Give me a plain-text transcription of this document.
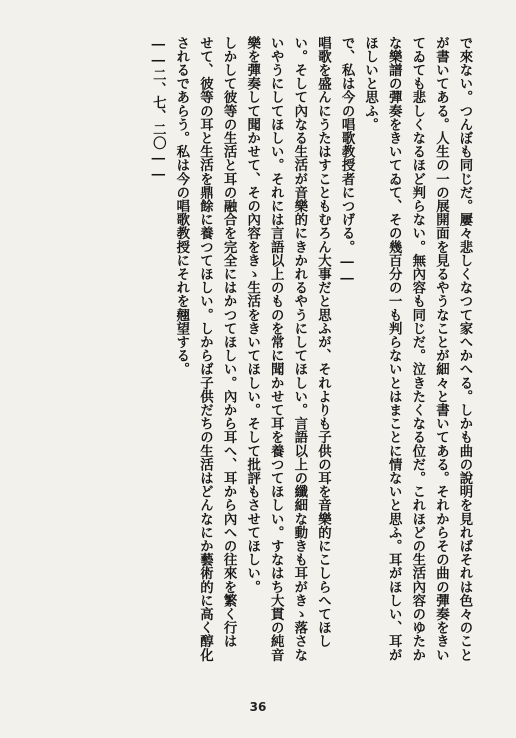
で來ない。つんぼも同じだ。屢々悲しくなつて家へかへる。しかも曲の說明を見ればそれは色々のこと
が書いてある。人生の一の展開面を見るやうなことが細々と書いてある。それからその曲の彈奏をきい
てゐても悲しくなるほど判らない。無內容も同じだ。泣きたくなる位だ。これほどの生活內容のゆたか
な樂譜の彈奏をきいてゐて、その幾百分の一も判らないとはまことに情ないと思ふ。耳がほしい、耳が
ほしいと思ふ。
で、私は今の唱歌教授者につげる。――
唱歌を盛んにうたはすこともむろん大事だと思ふが、それよりも子供の耳を音樂的にこしらへてほし
い。そして內なる生活が音樂的にきかれるやうにしてほしい。言語以上の纖細な動きも耳がきゝ落さな
いやうにしてほしい。それには言語以上のものを常に聞かせて耳を養つてほしい。すなはち大貫の純音
樂を彈奏して聞かせて、その內容をきゝ生活をきいてほしい。そして批評もさせてほしい。
しかして彼等の生活と耳の融合を完全にはかつてほしい。內から耳へ、耳から內への往來を繁く行は
せて、彼等の耳と生活を鼎餘に養つてほしい。しからば子供だちの生活はどんなにか藝術的に高く醇化
されるであらう。私は今の唱歌教授にそれを翹望する。
――二、七、二〇――
36
